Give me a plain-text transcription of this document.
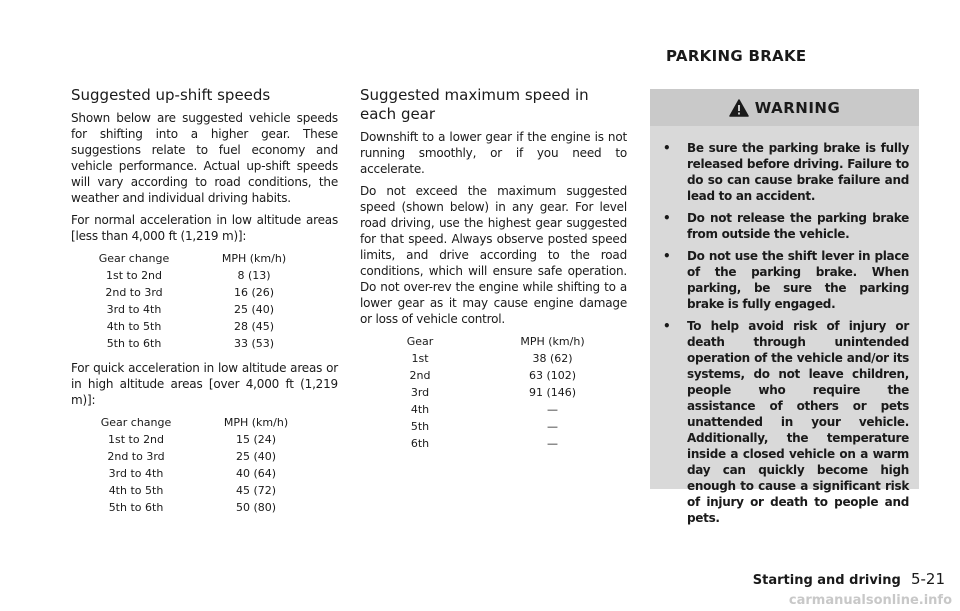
PARKING BRAKE
Suggested up-shift speeds

Shown below are suggested vehicle speeds for shifting into a higher gear. These suggestions relate to fuel economy and vehicle performance. Actual up-shift speeds will vary according to road conditions, the weather and individual driving habits.

For normal acceleration in low altitude areas [less than 4,000 ft (1,219 m)]:

Gear change	MPH (km/h)
1st to 2nd	8 (13)
2nd to 3rd	16 (26)
3rd to 4th	25 (40)
4th to 5th	28 (45)
5th to 6th	33 (53)

For quick acceleration in low altitude areas or in high altitude areas [over 4,000 ft (1,219 m)]:

Gear change	MPH (km/h)
1st to 2nd	15 (24)
2nd to 3rd	25 (40)
3rd to 4th	40 (64)
4th to 5th	45 (72)
5th to 6th	50 (80)
Suggested maximum speed in each gear

Downshift to a lower gear if the engine is not running smoothly, or if you need to accelerate.

Do not exceed the maximum suggested speed (shown below) in any gear. For level road driving, use the highest gear suggested for that speed. Always observe posted speed limits, and drive according to the road conditions, which will ensure safe operation. Do not over-rev the engine while shifting to a lower gear as it may cause engine damage or loss of vehicle control.

Gear	MPH (km/h)
1st	38 (62)
2nd	63 (102)
3rd	91 (146)
4th	—
5th	—
6th	—
WARNING
• Be sure the parking brake is fully released before driving. Failure to do so can cause brake failure and lead to an accident.
• Do not release the parking brake from outside the vehicle.
• Do not use the shift lever in place of the parking brake. When parking, be sure the parking brake is fully engaged.
• To help avoid risk of injury or death through unintended operation of the vehicle and/or its systems, do not leave children, people who require the assistance of others or pets unattended in your vehicle. Additionally, the temperature inside a closed vehicle on a warm day can quickly become high enough to cause a significant risk of injury or death to people and pets.
Starting and driving 5-21
carmanualsonline.info
